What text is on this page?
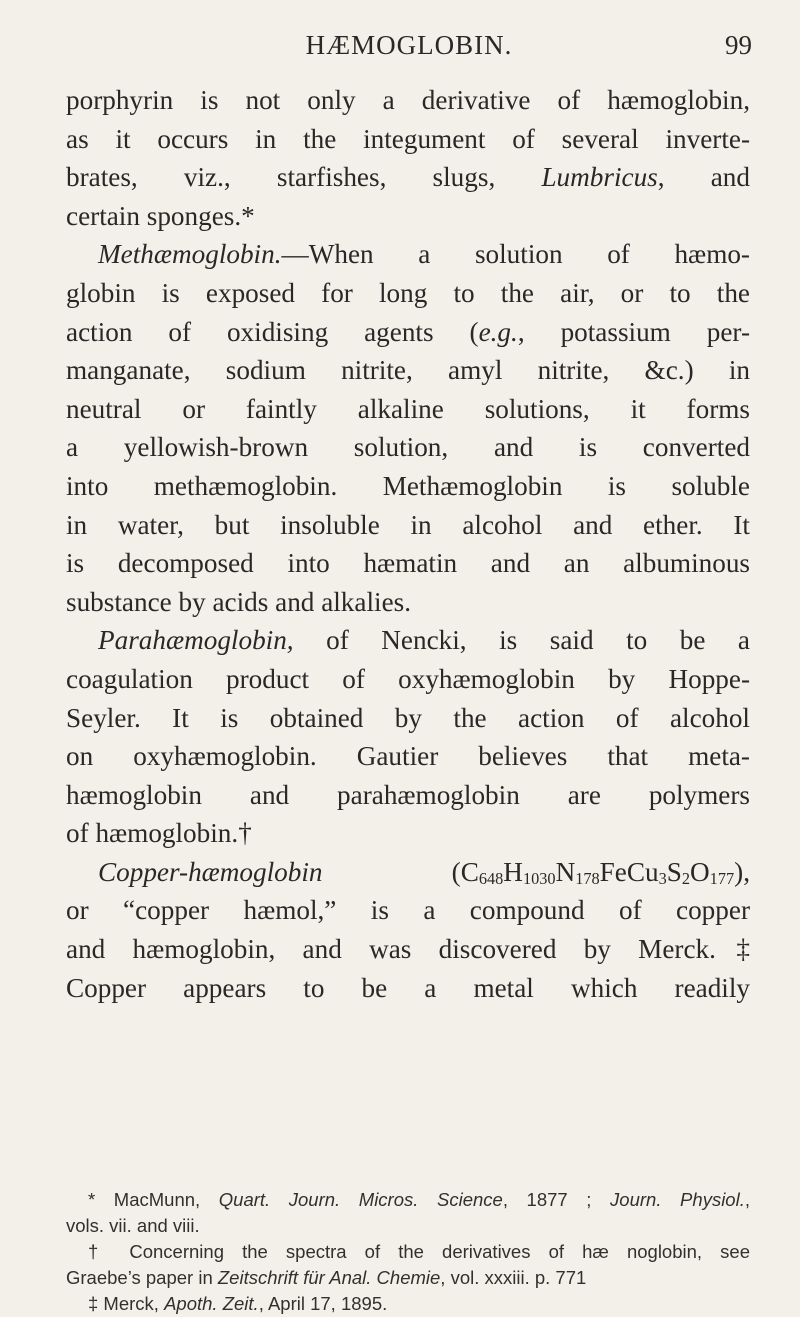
HÆMOGLOBIN.	99
porphyrin is not only a derivative of hæmoglobin,
as it occurs in the integument of several inverte-
brates, viz., starfishes, slugs, Lumbricus, and
certain sponges.*
Methæmoglobin.—When a solution of hæmo-
globin is exposed for long to the air, or to the
action of oxidising agents (e.g., potassium per-
manganate, sodium nitrite, amyl nitrite, &c.) in
neutral or faintly alkaline solutions, it forms
a yellowish-brown solution, and is converted
into methæmoglobin. Methæmoglobin is soluble
in water, but insoluble in alcohol and ether. It
is decomposed into hæmatin and an albuminous
substance by acids and alkalies.
Parahæmoglobin, of Nencki, is said to be a
coagulation product of oxyhæmoglobin by Hoppe-
Seyler. It is obtained by the action of alcohol
on oxyhæmoglobin. Gautier believes that meta-
hæmoglobin and parahæmoglobin are polymers
of hæmoglobin.†
Copper-hæmoglobin $(C_{648}H_{1030}N_{178}FeCu_3S_2O_{177})$,
or “copper hæmol,” is a compound of copper
and hæmoglobin, and was discovered by Merck.‡
Copper appears to be a metal which readily
* MacMunn, Quart. Journ. Micros. Science, 1877 ; Journ. Physiol.,
vols. vii. and viii.
† Concerning the spectra of the derivatives of hæ noglobin, see
Graebe’s paper in Zeitschrift für Anal. Chemie, vol. xxxiii. p. 771
‡ Merck, Apoth. Zeit., April 17, 1895.
